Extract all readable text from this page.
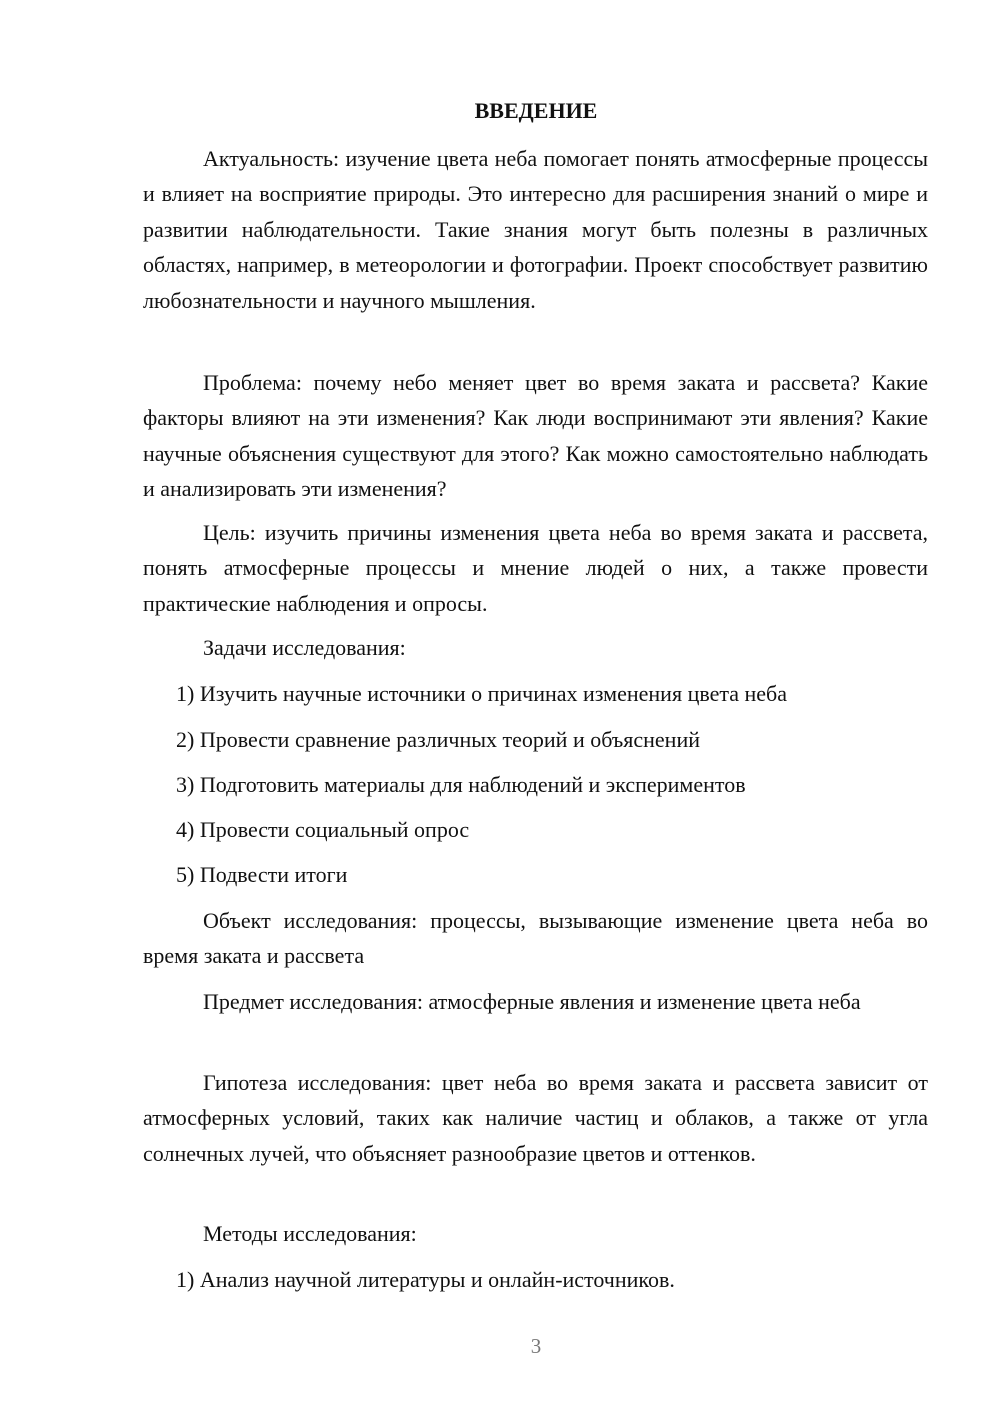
ВВЕДЕНИЕ

Актуальность: изучение цвета неба помогает понять атмосферные процессы и влияет на восприятие природы. Это интересно для расширения знаний о мире и развитии наблюдательности. Такие знания могут быть полезны в различных областях, например, в метеорологии и фотографии. Проект способствует развитию любознательности и научного мышления.

Проблема: почему небо меняет цвет во время заката и рассвета? Какие факторы влияют на эти изменения? Как люди воспринимают эти явления? Какие научные объяснения существуют для этого? Как можно самостоятельно наблюдать и анализировать эти изменения?

Цель: изучить причины изменения цвета неба во время заката и рассвета, понять атмосферные процессы и мнение людей о них, а также провести практические наблюдения и опросы.

Задачи исследования:

1) Изучить научные источники о причинах изменения цвета неба

2) Провести сравнение различных теорий и объяснений

3) Подготовить материалы для наблюдений и экспериментов

4) Провести социальный опрос

5) Подвести итоги

Объект исследования: процессы, вызывающие изменение цвета неба во время заката и рассвета

Предмет исследования: атмосферные явления и изменение цвета неба

Гипотеза исследования: цвет неба во время заката и рассвета зависит от атмосферных условий, таких как наличие частиц и облаков, а также от угла солнечных лучей, что объясняет разнообразие цветов и оттенков.

Методы исследования:

1) Анализ научной литературы и онлайн-источников.

3
